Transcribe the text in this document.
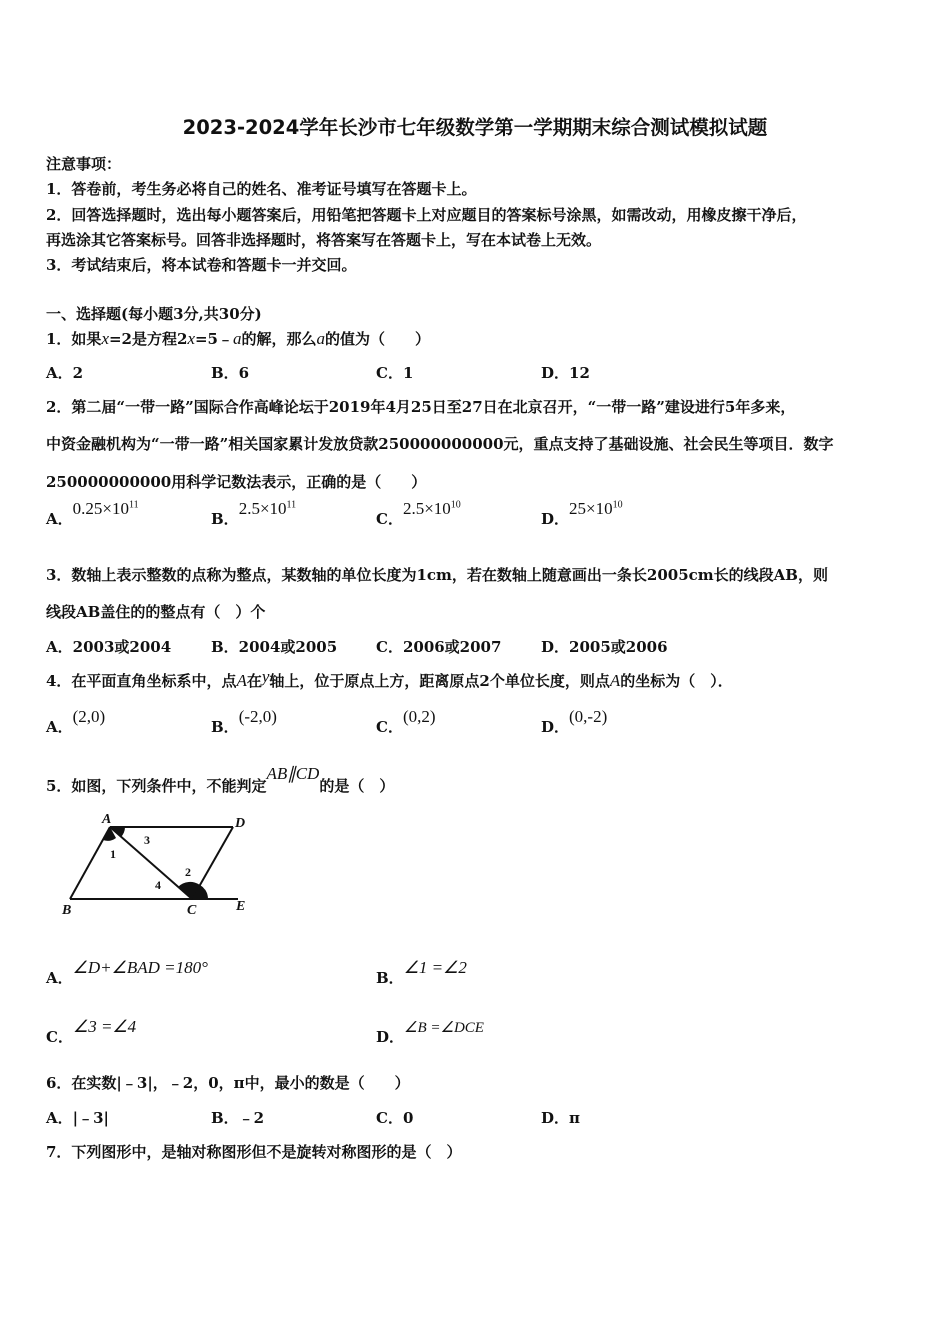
2023-2024学年长沙市七年级数学第一学期期末综合测试模拟试题
注意事项：
1．答卷前，考生务必将自己的姓名、准考证号填写在答题卡上。
2．回答选择题时，选出每小题答案后，用铅笔把答题卡上对应题目的答案标号涂黑，如需改动，用橡皮擦干净后，
再选涂其它答案标号。回答非选择题时，将答案写在答题卡上，写在本试卷上无效。
3．考试结束后，将本试卷和答题卡一并交回。
一、选择题(每小题3分,共30分)
1．如果x=2是方程2x=5﹣a的解，那么a的值为（　　）
A．2	B．6	C．1	D．12
2．第二届“一带一路”国际合作高峰论坛于2019年4月25日至27日在北京召开，“一带一路”建设进行5年多来，
中资金融机构为“一带一路”相关国家累计发放贷款250000000000元，重点支持了基础设施、社会民生等项目．数字
250000000000用科学记数法表示，正确的是（　　）
A．$0.25\times 10^{11}$
B．$2.5\times 10^{11}$
C．$2.5\times 10^{10}$
D．$25\times 10^{10}$
3．数轴上表示整数的点称为整点，某数轴的单位长度为1cm，若在数轴上随意画出一条长2005cm长的线段AB，则
线段AB盖住的的整点有（　）个
A．2003或2004	B．2004或2005	C．2006或2007	D．2005或2006
4．在平面直角坐标系中，点A在y轴上，位于原点上方，距离原点2个单位长度，则点A的坐标为（　）．
A．(2,0)
B．(-2,0)
C．(0,2)
D．(0,-2)
5．如图，下列条件中，不能判定AB∥CD的是（　）
A	D
B	C	E
1
2
3
4
A．∠D+∠BAD =180°
B．∠1 =∠2
C．∠3 =∠4
D．∠B =∠DCE
6．在实数|﹣3|，﹣2，0，π中，最小的数是（　　）
A．|﹣3|	B．﹣2	C．0	D．π
7．下列图形中，是轴对称图形但不是旋转对称图形的是（　）
